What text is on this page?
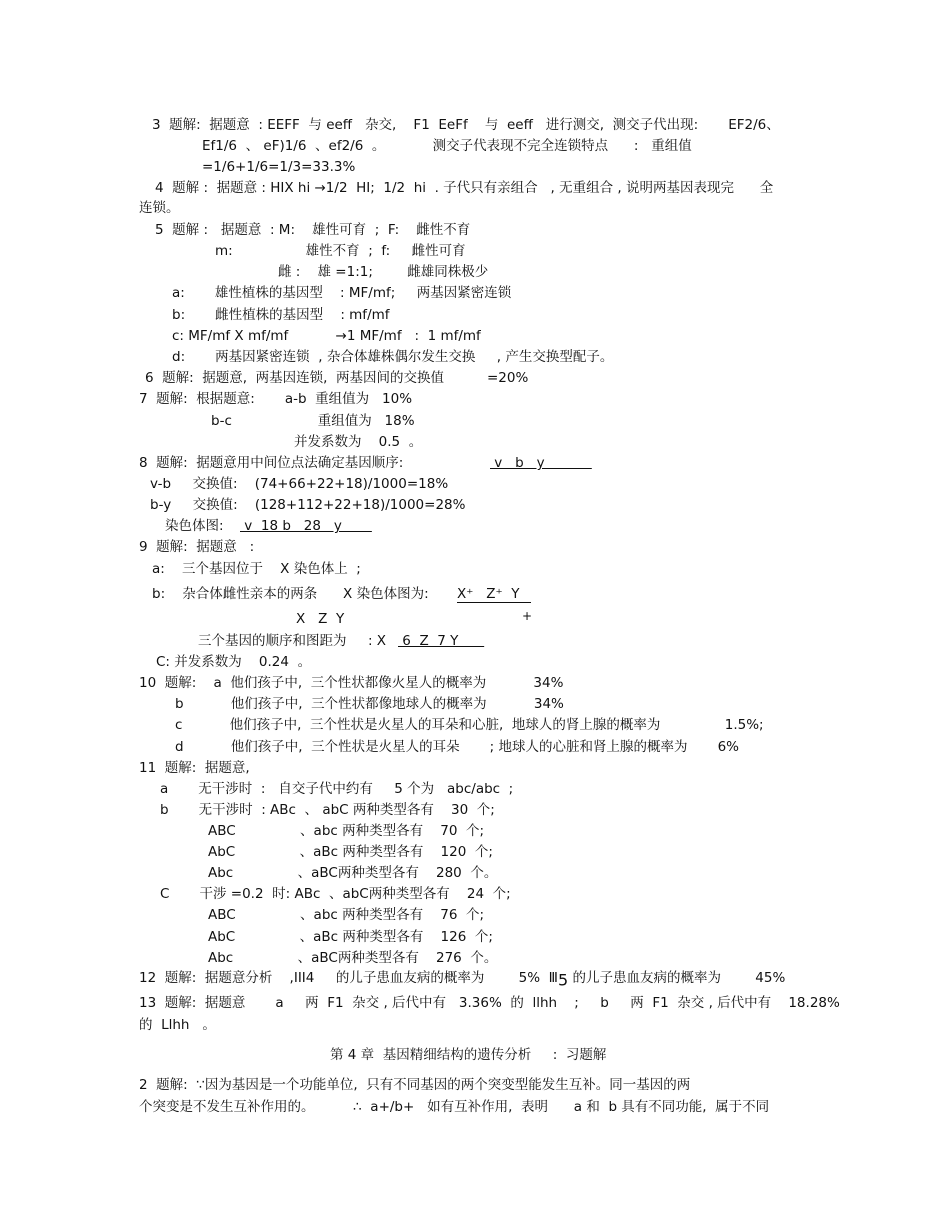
3  题解:  据题意  : EEFF  与 eeff   杂交,    F1  EeFf    与  eeff   进行测交,  测交子代出现:       EF2/6、
Ef1/6  、 eF)1/6  、ef2/6  。           测交子代表现不完全连锁特点      :   重组值
=1/6+1/6=1/3=33.3%
4  题解 :  据题意 : HIX hi →1/2  HI;  1/2  hi  . 子代只有亲组合   , 无重组合 , 说明两基因表现完      全
连锁。
5  题解 :   据题意  : M:    雄性可育  ;  F:    雌性不育
m:                 雄性不育  ;  f:     雌性可育
雌 :    雄 =1:1;        雌雄同株极少
a:       雄性植株的基因型    : MF/mf;     两基因紧密连锁
b:       雌性植株的基因型    : mf/mf
c: MF/mf X mf/mf           →1 MF/mf   :  1 mf/mf
d:       两基因紧密连锁  , 杂合体雄株偶尔发生交换     , 产生交换型配子。
6  题解:  据题意,  两基因连锁,  两基因间的交换值          =20%
7  题解:  根据题意:       a-b  重组值为   10%
b-c                    重组值为   18%
并发系数为    0.5  。
8  题解:  据题意用中间位点法确定基因顺序:	v   b   y
v-b     交换值:    (74+66+22+18)/1000=18%
b-y     交换值:    (128+112+22+18)/1000=28%
染色体图: v  18 b   28   y
9  题解:  据题意   :
a:    三个基因位于    X 染色体上  ;
b:    杂合体雌性亲本的两条      X 染色体图为: X⁺   Z⁺  Y
X   Z  Y	+
三个基因的顺序和图距为     : X 6  Z  7 Y
C: 并发系数为    0.24  。
10  题解:    a  他们孩子中,  三个性状都像火星人的概率为           34%
b           他们孩子中,  三个性状都像地球人的概率为           34%
c           他们孩子中,  三个性状是火星人的耳朵和心脏,  地球人的肾上腺的概率为               1.5%;
d           他们孩子中,  三个性状是火星人的耳朵       ; 地球人的心脏和肾上腺的概率为       6%
11  题解:  据题意,
a       无干涉时  :   自交子代中约有     5 个为   abc/abc  ;
b       无干涉时  : ABc  、 abC 两种类型各有    30  个;
ABC               、abc 两种类型各有    70  个;
AbC               、aBc 两种类型各有    120  个;
Abc               、aBC两种类型各有    280  个。
C       干涉 =0.2  时: ABc  、abC两种类型各有    24  个;
ABC               、abc 两种类型各有    76  个;
AbC               、aBc 两种类型各有    126  个;
Abc               、aBC两种类型各有    276  个。
12  题解:  据题意分析    ,III4     的儿子患血友病的概率为        5%  Ⅲ5 的儿子患血友病的概率为        45%
13  题解:  据题意       a     两  F1  杂交 , 后代中有   3.36%  的  llhh    ;     b     两  F1  杂交 , 后代中有    18.28%
的  Llhh   。
第 4 章  基因精细结构的遗传分析     :  习题解
2  题解:  ∵因为基因是一个功能单位,  只有不同基因的两个突变型能发生互补。同一基因的两
个突变是不发生互补作用的。         ∴  a+/b+   如有互补作用,  表明      a 和  b 具有不同功能,  属于不同
